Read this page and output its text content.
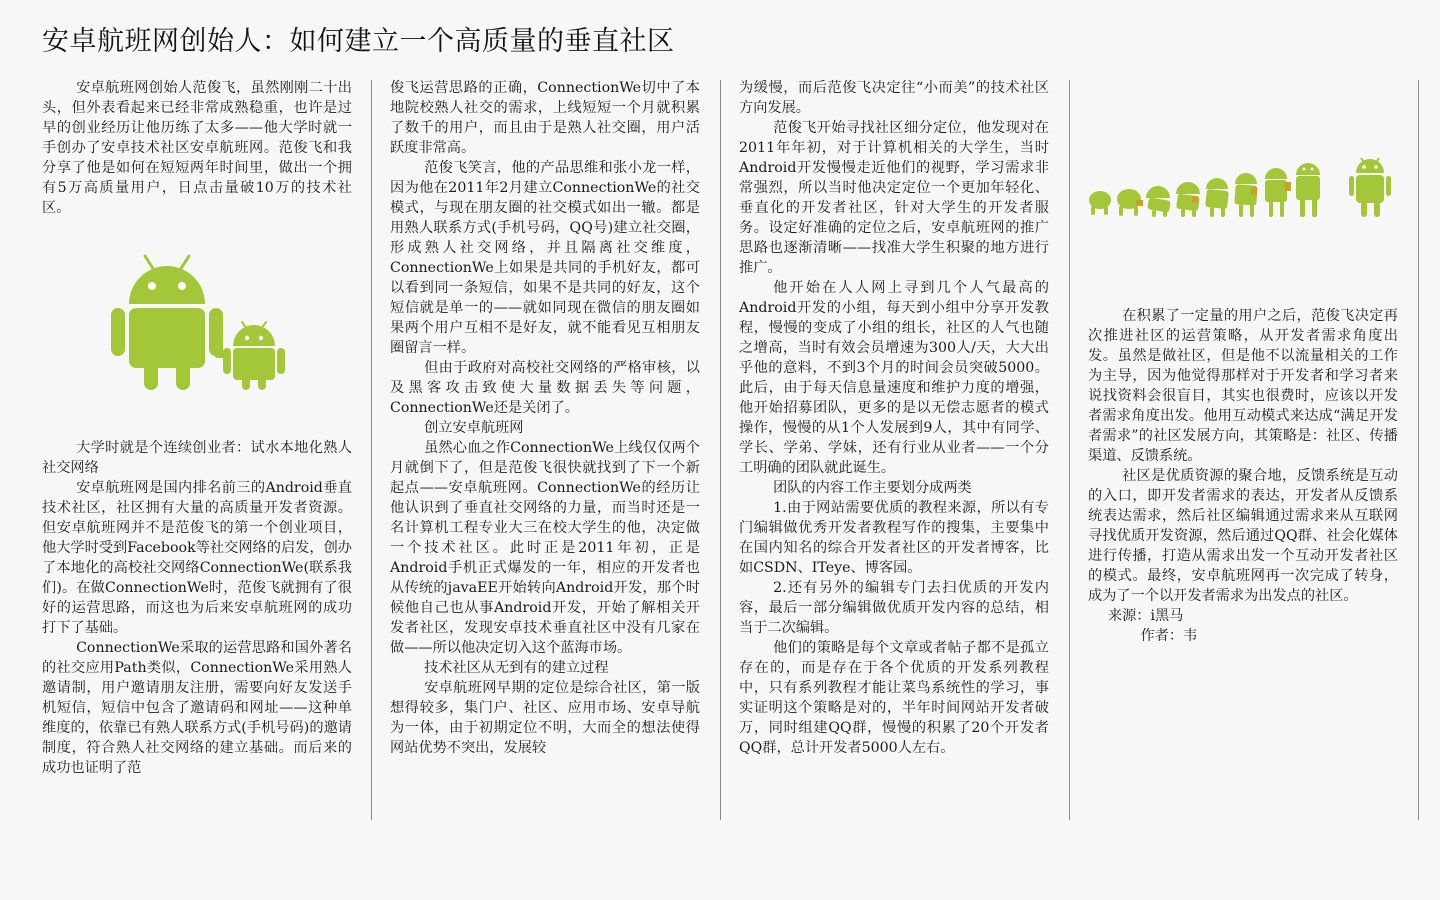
安卓航班网创始人：如何建立一个高质量的垂直社区

安卓航班网创始人范俊飞，虽然刚刚二十出头，但外表看起来已经非常成熟稳重，也许是过早的创业经历让他历练了太多——他大学时就一手创办了安卓技术社区安卓航班网。范俊飞和我分享了他是如何在短短两年时间里，做出一个拥有5万高质量用户，日点击量破10万的技术社区。

大学时就是个连续创业者：试水本地化熟人社交网络

安卓航班网是国内排名前三的Android垂直技术社区，社区拥有大量的高质量开发者资源。但安卓航班网并不是范俊飞的第一个创业项目，他大学时受到Facebook等社交网络的启发，创办了本地化的高校社交网络ConnectionWe(联系我们)。在做ConnectionWe时，范俊飞就拥有了很好的运营思路，而这也为后来安卓航班网的成功打下了基础。

ConnectionWe采取的运营思路和国外著名的社交应用Path类似，ConnectionWe采用熟人邀请制，用户邀请朋友注册，需要向好友发送手机短信，短信中包含了邀请码和网址——这种单维度的，依靠已有熟人联系方式(手机号码)的邀请制度，符合熟人社交网络的建立基础。而后来的成功也证明了范

俊飞运营思路的正确，ConnectionWe切中了本地院校熟人社交的需求，上线短短一个月就积累了数千的用户，而且由于是熟人社交圈，用户活跃度非常高。

范俊飞笑言，他的产品思维和张小龙一样，因为他在2011年2月建立ConnectionWe的社交模式，与现在朋友圈的社交模式如出一辙。都是用熟人联系方式(手机号码，QQ号)建立社交圈，形成熟人社交网络，并且隔离社交维度，ConnectionWe上如果是共同的手机好友，都可以看到同一条短信，如果不是共同的好友，这个短信就是单一的——就如同现在微信的朋友圈如果两个用户互相不是好友，就不能看见互相朋友圈留言一样。

但由于政府对高校社交网络的严格审核，以及黑客攻击致使大量数据丢失等问题，ConnectionWe还是关闭了。

创立安卓航班网

虽然心血之作ConnectionWe上线仅仅两个月就倒下了，但是范俊飞很快就找到了下一个新起点——安卓航班网。ConnectionWe的经历让他认识到了垂直社交网络的力量，而当时还是一名计算机工程专业大三在校大学生的他，决定做一个技术社区。此时正是2011年初，正是Android手机正式爆发的一年，相应的开发者也从传统的javaEE开始转向Android开发，那个时候他自己也从事Android开发，开始了解相关开发者社区，发现安卓技术垂直社区中没有几家在做——所以他决定切入这个蓝海市场。

技术社区从无到有的建立过程

安卓航班网早期的定位是综合社区，第一版想得较多，集门户、社区、应用市场、安卓导航为一体，由于初期定位不明，大而全的想法使得网站优势不突出，发展较

为缓慢，而后范俊飞决定往“小而美”的技术社区方向发展。

范俊飞开始寻找社区细分定位，他发现对在2011年年初，对于计算机相关的大学生，当时Android开发慢慢走近他们的视野，学习需求非常强烈，所以当时他决定定位一个更加年轻化、垂直化的开发者社区，针对大学生的开发者服务。设定好准确的定位之后，安卓航班网的推广思路也逐渐清晰——找准大学生积聚的地方进行推广。

他开始在人人网上寻到几个人气最高的Android开发的小组，每天到小组中分享开发教程，慢慢的变成了小组的组长，社区的人气也随之增高，当时有效会员增速为300人/天，大大出乎他的意料，不到3个月的时间会员突破5000。此后，由于每天信息量速度和维护力度的增强，他开始招募团队，更多的是以无偿志愿者的模式操作，慢慢的从1个人发展到9人，其中有同学、学长、学弟、学妹，还有行业从业者——一个分工明确的团队就此诞生。

团队的内容工作主要划分成两类

1.由于网站需要优质的教程来源，所以有专门编辑做优秀开发者教程写作的搜集，主要集中在国内知名的综合开发者社区的开发者博客，比如CSDN、ITeye、博客园。

2.还有另外的编辑专门去扫优质的开发内容，最后一部分编辑做优质开发内容的总结，相当于二次编辑。

他们的策略是每个文章或者帖子都不是孤立存在的，而是存在于各个优质的开发系列教程中，只有系列教程才能让菜鸟系统性的学习，事实证明这个策略是对的，半年时间网站开发者破万，同时组建QQ群，慢慢的积累了20个开发者QQ群，总计开发者5000人左右。

在积累了一定量的用户之后，范俊飞决定再次推进社区的运营策略，从开发者需求角度出发。虽然是做社区，但是他不以流量相关的工作为主导，因为他觉得那样对于开发者和学习者来说找资料会很盲目，其实也很费时，应该以开发者需求角度出发。他用互动模式来达成“满足开发者需求”的社区发展方向，其策略是：社区、传播渠道、反馈系统。

社区是优质资源的聚合地，反馈系统是互动的入口，即开发者需求的表达，开发者从反馈系统表达需求，然后社区编辑通过需求来从互联网寻找优质开发资源，然后通过QQ群、社会化媒体进行传播，打造从需求出发一个互动开发者社区的模式。最终，安卓航班网再一次完成了转身，成为了一个以开发者需求为出发点的社区。

来源：i黑马

作者：韦
